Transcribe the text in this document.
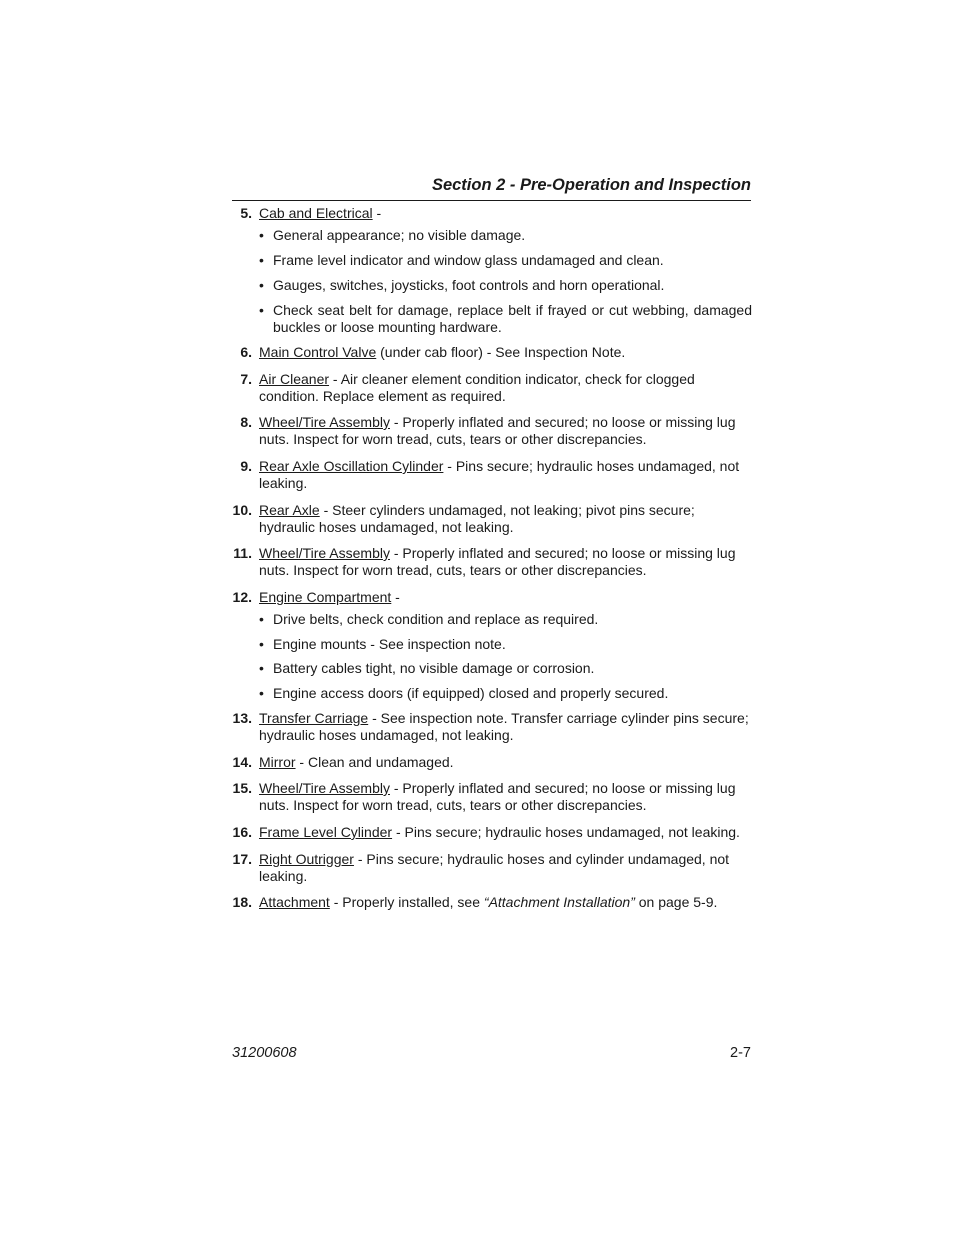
Section 2 - Pre-Operation and Inspection
5. Cab and Electrical -
• General appearance; no visible damage.
• Frame level indicator and window glass undamaged and clean.
• Gauges, switches, joysticks, foot controls and horn operational.
• Check seat belt for damage, replace belt if frayed or cut webbing, damaged buckles or loose mounting hardware.
6. Main Control Valve (under cab floor) - See Inspection Note.
7. Air Cleaner - Air cleaner element condition indicator, check for clogged condition. Replace element as required.
8. Wheel/Tire Assembly - Properly inflated and secured; no loose or missing lug nuts. Inspect for worn tread, cuts, tears or other discrepancies.
9. Rear Axle Oscillation Cylinder - Pins secure; hydraulic hoses undamaged, not leaking.
10. Rear Axle - Steer cylinders undamaged, not leaking; pivot pins secure; hydraulic hoses undamaged, not leaking.
11. Wheel/Tire Assembly - Properly inflated and secured; no loose or missing lug nuts. Inspect for worn tread, cuts, tears or other discrepancies.
12. Engine Compartment -
• Drive belts, check condition and replace as required.
• Engine mounts - See inspection note.
• Battery cables tight, no visible damage or corrosion.
• Engine access doors (if equipped) closed and properly secured.
13. Transfer Carriage - See inspection note. Transfer carriage cylinder pins secure; hydraulic hoses undamaged, not leaking.
14. Mirror - Clean and undamaged.
15. Wheel/Tire Assembly - Properly inflated and secured; no loose or missing lug nuts. Inspect for worn tread, cuts, tears or other discrepancies.
16. Frame Level Cylinder - Pins secure; hydraulic hoses undamaged, not leaking.
17. Right Outrigger - Pins secure; hydraulic hoses and cylinder undamaged, not leaking.
18. Attachment - Properly installed, see “Attachment Installation” on page 5-9.
31200608	2-7
